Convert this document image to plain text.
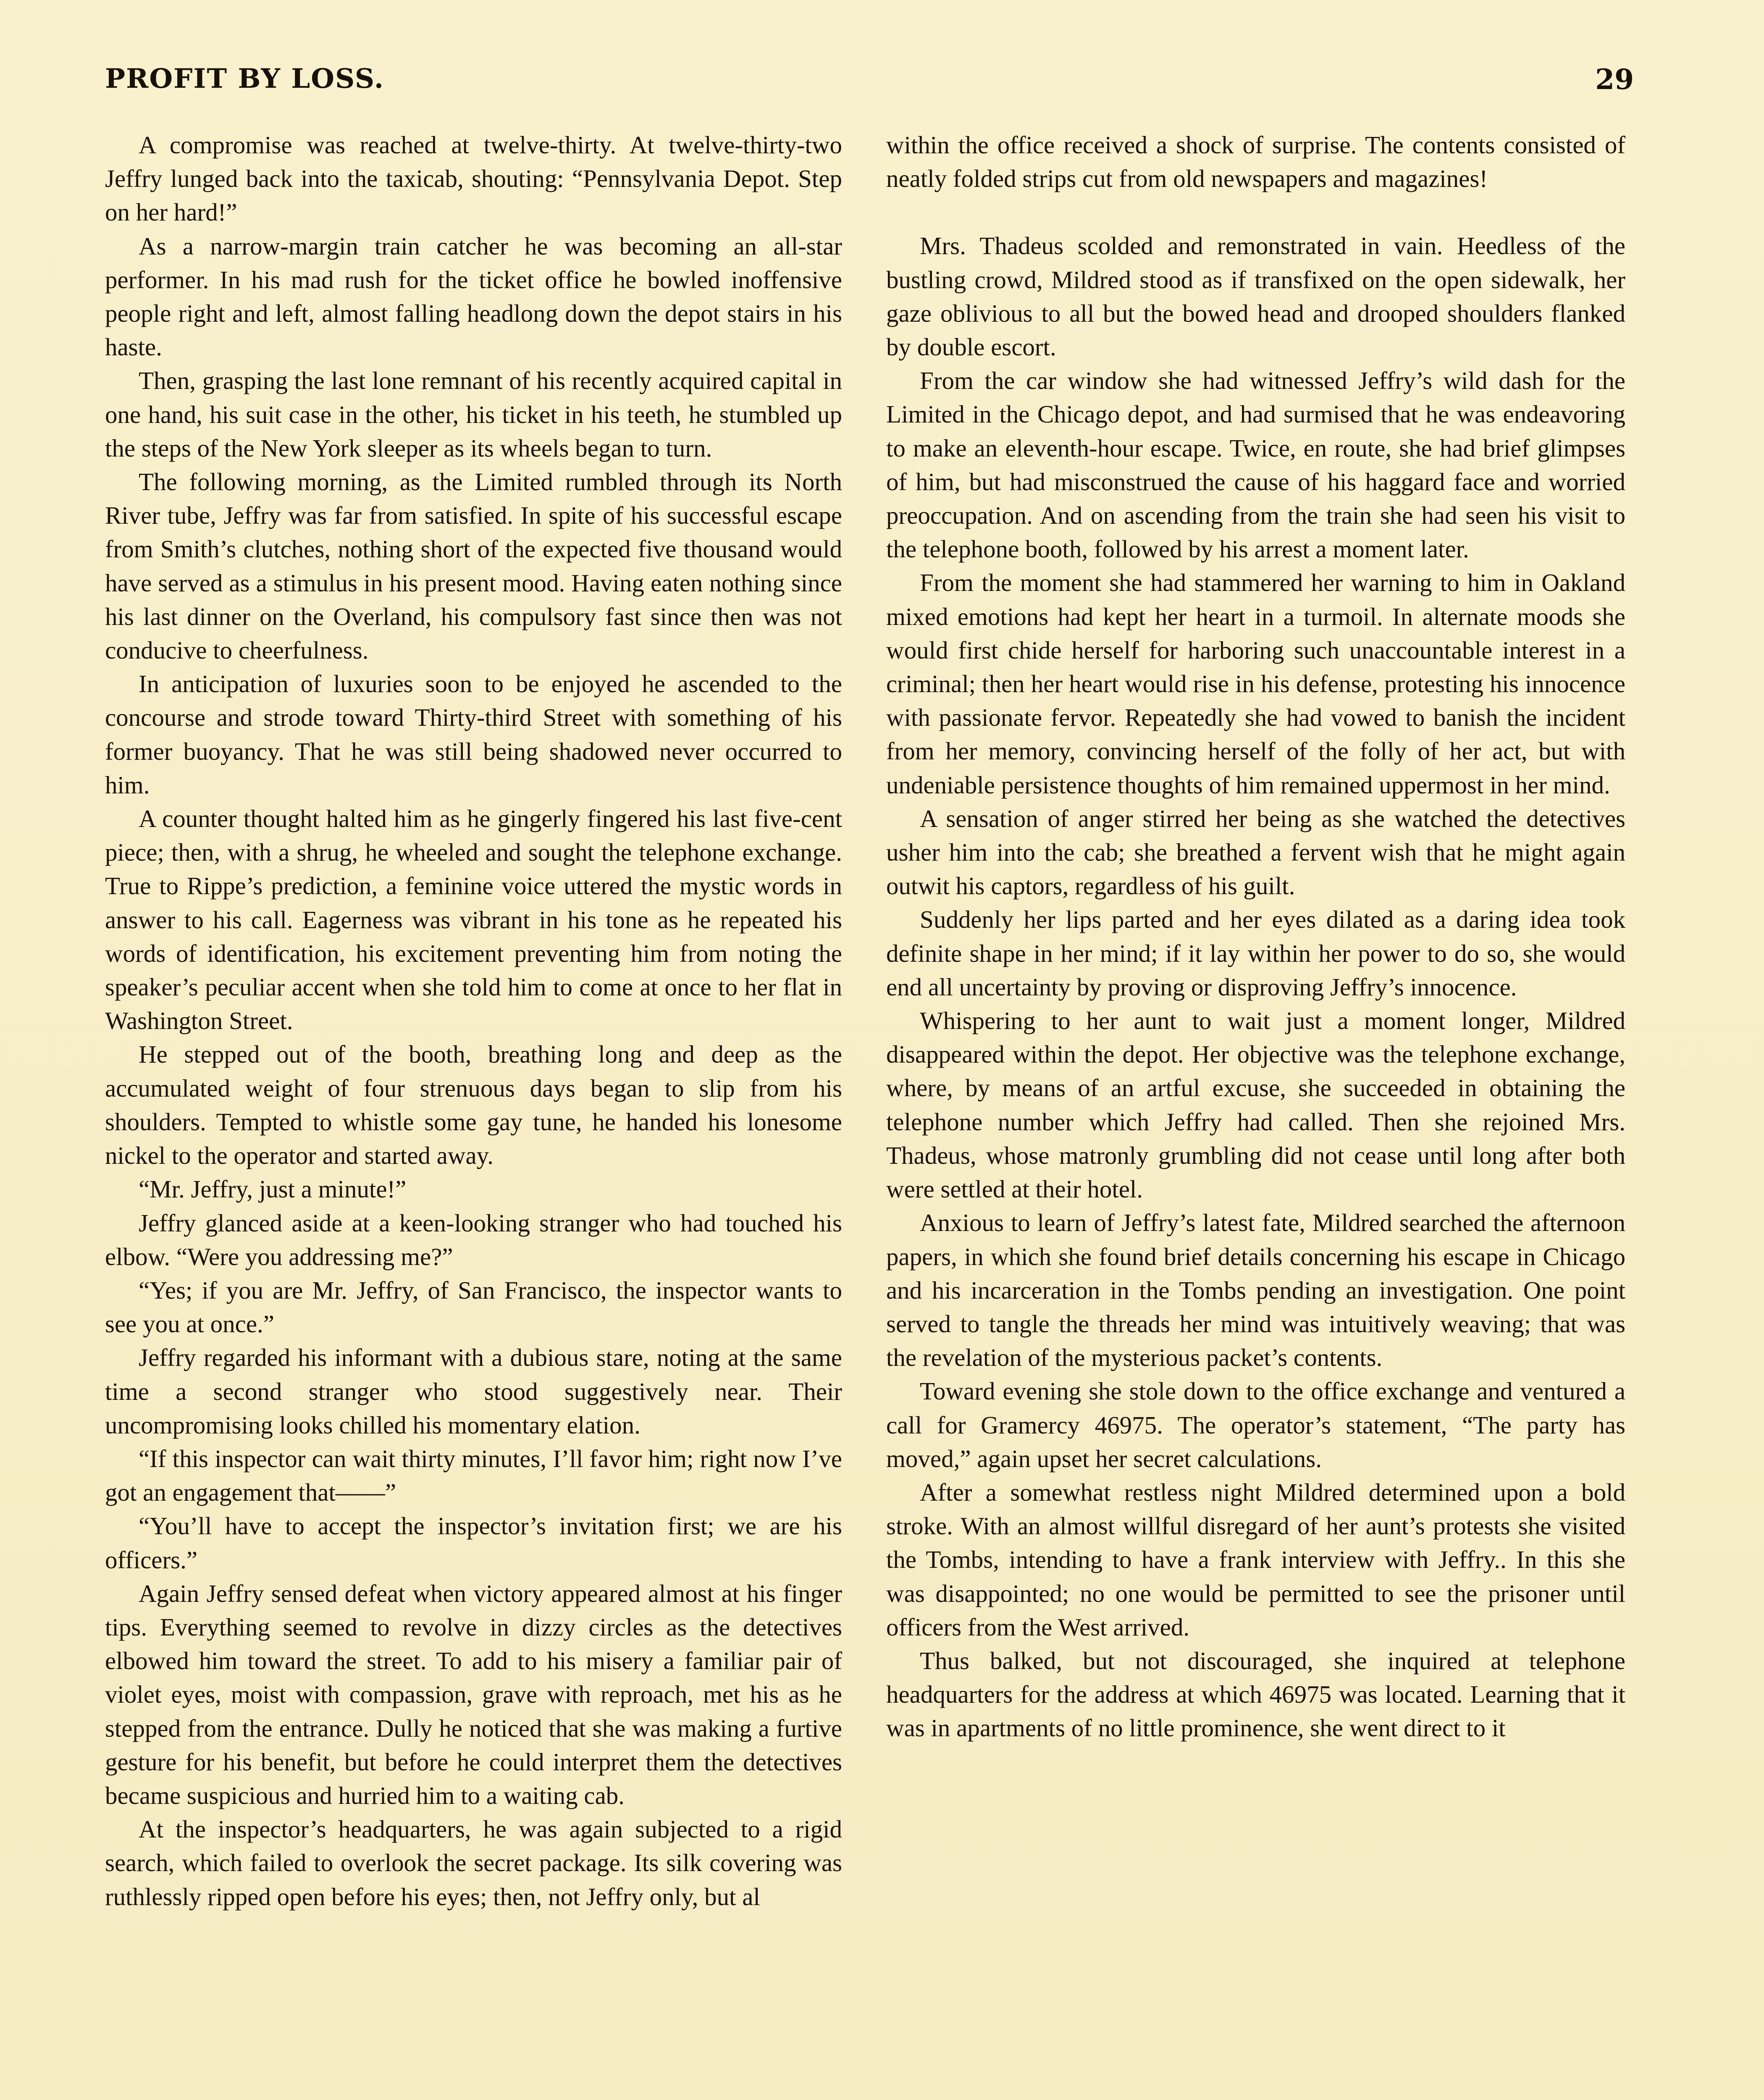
PROFIT BY LOSS.	29

A compromise was reached at twelve-thirty. At twelve-thirty-two Jeffry lunged back into the taxicab, shouting: “Pennsylvania Depot. Step on her hard!”

As a narrow-margin train catcher he was becoming an all-star performer. In his mad rush for the ticket office he bowled inoffensive people right and left, almost falling headlong down the depot stairs in his haste.

Then, grasping the last lone remnant of his recently acquired capital in one hand, his suit case in the other, his ticket in his teeth, he stumbled up the steps of the New York sleeper as its wheels began to turn.

The following morning, as the Limited rumbled through its North River tube, Jeffry was far from satisfied. In spite of his successful escape from Smith’s clutches, nothing short of the expected five thousand would have served as a stimulus in his present mood. Having eaten nothing since his last dinner on the Overland, his compulsory fast since then was not conducive to cheerfulness.

In anticipation of luxuries soon to be enjoyed he ascended to the concourse and strode toward Thirty-third Street with something of his former buoyancy. That he was still being shadowed never occurred to him.

A counter thought halted him as he gingerly fingered his last five-cent piece; then, with a shrug, he wheeled and sought the telephone exchange. True to Rippe’s prediction, a feminine voice uttered the mystic words in answer to his call. Eagerness was vibrant in his tone as he repeated his words of identification, his excitement preventing him from noting the speaker’s peculiar accent when she told him to come at once to her flat in Washington Street.

He stepped out of the booth, breathing long and deep as the accumulated weight of four strenuous days began to slip from his shoulders. Tempted to whistle some gay tune, he handed his lonesome nickel to the operator and started away.

“Mr. Jeffry, just a minute!”

Jeffry glanced aside at a keen-looking stranger who had touched his elbow. “Were you addressing me?”

“Yes; if you are Mr. Jeffry, of San Francisco, the inspector wants to see you at once.”

Jeffry regarded his informant with a dubious stare, noting at the same time a second stranger who stood suggestively near. Their uncompromising looks chilled his momentary elation.

“If this inspector can wait thirty minutes, I’ll favor him; right now I’ve got an engagement that——”

“You’ll have to accept the inspector’s invitation first; we are his officers.”

Again Jeffry sensed defeat when victory appeared almost at his finger tips. Everything seemed to revolve in dizzy circles as the detectives elbowed him toward the street. To add to his misery a familiar pair of violet eyes, moist with compassion, grave with reproach, met his as he stepped from the entrance. Dully he noticed that she was making a furtive gesture for his benefit, but before he could interpret them the detectives became suspicious and hurried him to a waiting cab.

At the inspector’s headquarters, he was again subjected to a rigid search, which failed to overlook the secret package. Its silk covering was ruthlessly ripped open before his eyes; then, not Jeffry only, but al

within the office received a shock of surprise. The contents consisted of neatly folded strips cut from old newspapers and magazines!

Mrs. Thadeus scolded and remonstrated in vain. Heedless of the bustling crowd, Mildred stood as if transfixed on the open sidewalk, her gaze oblivious to all but the bowed head and drooped shoulders flanked by double escort.

From the car window she had witnessed Jeffry’s wild dash for the Limited in the Chicago depot, and had surmised that he was endeavoring to make an eleventh-hour escape. Twice, en route, she had brief glimpses of him, but had misconstrued the cause of his haggard face and worried preoccupation. And on ascending from the train she had seen his visit to the telephone booth, followed by his arrest a moment later.

From the moment she had stammered her warning to him in Oakland mixed emotions had kept her heart in a turmoil. In alternate moods she would first chide herself for harboring such unaccountable interest in a criminal; then her heart would rise in his defense, protesting his innocence with passionate fervor. Repeatedly she had vowed to banish the incident from her memory, convincing herself of the folly of her act, but with undeniable persistence thoughts of him remained uppermost in her mind.

A sensation of anger stirred her being as she watched the detectives usher him into the cab; she breathed a fervent wish that he might again outwit his captors, regardless of his guilt.

Suddenly her lips parted and her eyes dilated as a daring idea took definite shape in her mind; if it lay within her power to do so, she would end all uncertainty by proving or disproving Jeffry’s innocence.

Whispering to her aunt to wait just a moment longer, Mildred disappeared within the depot. Her objective was the telephone exchange, where, by means of an artful excuse, she succeeded in obtaining the telephone number which Jeffry had called. Then she rejoined Mrs. Thadeus, whose matronly grumbling did not cease until long after both were settled at their hotel.

Anxious to learn of Jeffry’s latest fate, Mildred searched the afternoon papers, in which she found brief details concerning his escape in Chicago and his incarceration in the Tombs pending an investigation. One point served to tangle the threads her mind was intuitively weaving; that was the revelation of the mysterious packet’s contents.

Toward evening she stole down to the office exchange and ventured a call for Gramercy 46975. The operator’s statement, “The party has moved,” again upset her secret calculations.

After a somewhat restless night Mildred determined upon a bold stroke. With an almost willful disregard of her aunt’s protests she visited the Tombs, intending to have a frank interview with Jeffry.. In this she was disappointed; no one would be permitted to see the prisoner until officers from the West arrived.

Thus balked, but not discouraged, she inquired at telephone headquarters for the address at which 46975 was located. Learning that it was in apartments of no little prominence, she went direct to it
